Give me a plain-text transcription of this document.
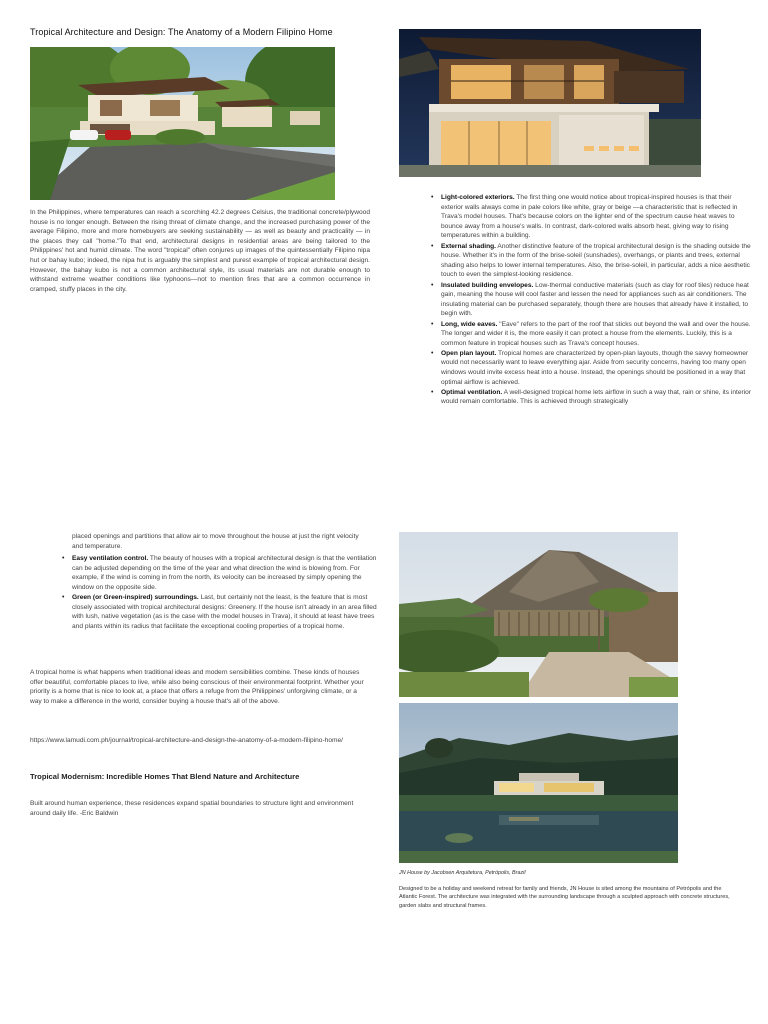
Tropical Architecture and Design: The Anatomy of a Modern Filipino Home

In the Philippines, where temperatures can reach a scorching 42.2 degrees Celsius, the traditional concrete/plywood house is no longer enough. Between the rising threat of climate change, and the increased purchasing power of the average Filipino, more and more homebuyers are seeking sustainability — as well as beauty and practicality — in the places they call "home."To that end, architectural designs in residential areas are being tailored to the Philippines' hot and humid climate. The word "tropical" often conjures up images of the quintessentially Filipino nipa hut or bahay kubo; indeed, the nipa hut is arguably the simplest and purest example of tropical architectural design. However, the bahay kubo is not a common architectural style, its usual materials are not durable enough to withstand extreme weather conditions like typhoons—not to mention fires that are a common occurrence in cramped, stuffy places in the city.

• Light-colored exteriors. The first thing one would notice about tropical-inspired houses is that their exterior walls always come in pale colors like white, gray or beige —a characteristic that is reflected in Trava's model houses. That's because colors on the lighter end of the spectrum cause heat waves to bounce away from a house's walls. In contrast, dark-colored walls absorb heat, giving way to rising temperatures within a building.
• External shading. Another distinctive feature of the tropical architectural design is the shading outside the house. Whether it's in the form of the brise-soleil (sunshades), overhangs, or plants and trees, external shading also helps to lower internal temperatures. Also, the brise-soleil, in particular, adds a nice aesthetic touch to even the simplest-looking residence.
• Insulated building envelopes. Low-thermal conductive materials (such as clay for roof tiles) reduce heat gain, meaning the house will cool faster and lessen the need for appliances such as air conditioners. The insulating material can be purchased separately, though there are houses that already have it installed, to begin with.
• Long, wide eaves. "Eave" refers to the part of the roof that sticks out beyond the wall and over the house. The longer and wider it is, the more easily it can protect a house from the elements. Luckily, this is a common feature in tropical houses such as Trava's concept houses.
• Open plan layout. Tropical homes are characterized by open-plan layouts, though the savvy homeowner would not necessarily want to leave everything ajar. Aside from security concerns, having too many open windows would invite excess heat into a house. Instead, the openings should be positioned in a way that optimal airflow is achieved.
• Optimal ventilation. A well-designed tropical home lets airflow in such a way that, rain or shine, its interior would remain comfortable. This is achieved through strategically
placed openings and partitions that allow air to move throughout the house at just the right velocity and temperature.
• Easy ventilation control. The beauty of houses with a tropical architectural design is that the ventilation can be adjusted depending on the time of the year and what direction the wind is blowing from. For example, if the wind is coming in from the north, its velocity can be increased by simply opening the window on the opposite side.
• Green (or Green-inspired) surroundings. Last, but certainly not the least, is the feature that is most closely associated with tropical architectural designs: Greenery. If the house isn't already in an area filled with lush, native vegetation (as is the case with the model houses in Trava), it should at least have trees and plants within its radius that facilitate the exceptional cooling properties of a tropical home.

A tropical home is what happens when traditional ideas and modern sensibilities combine. These kinds of houses offer beautiful, comfortable places to live, while also being conscious of their environmental footprint. Whether your priority is a home that is nice to look at, a place that offers a refuge from the Philippines' unforgiving climate, or a way to make a difference in the world, consider buying a house that's all of the above.

https://www.lamudi.com.ph/journal/tropical-architecture-and-design-the-anatomy-of-a-modern-filipino-home/
Tropical Modernism: Incredible Homes That Blend Nature and Architecture
Built around human experience, these residences expand spatial boundaries to structure light and environment around daily life. -Eric Baldwin
JN House by Jacobsen Arquitetura, Petrópolis, Brazil
Designed to be a holiday and weekend retreat for family and friends, JN House is sited among the mountains of Petrópolis and the Atlantic Forest. The architecture was integrated with the surrounding landscape through a sculpted approach with concrete structures, garden slabs and structural frames.
